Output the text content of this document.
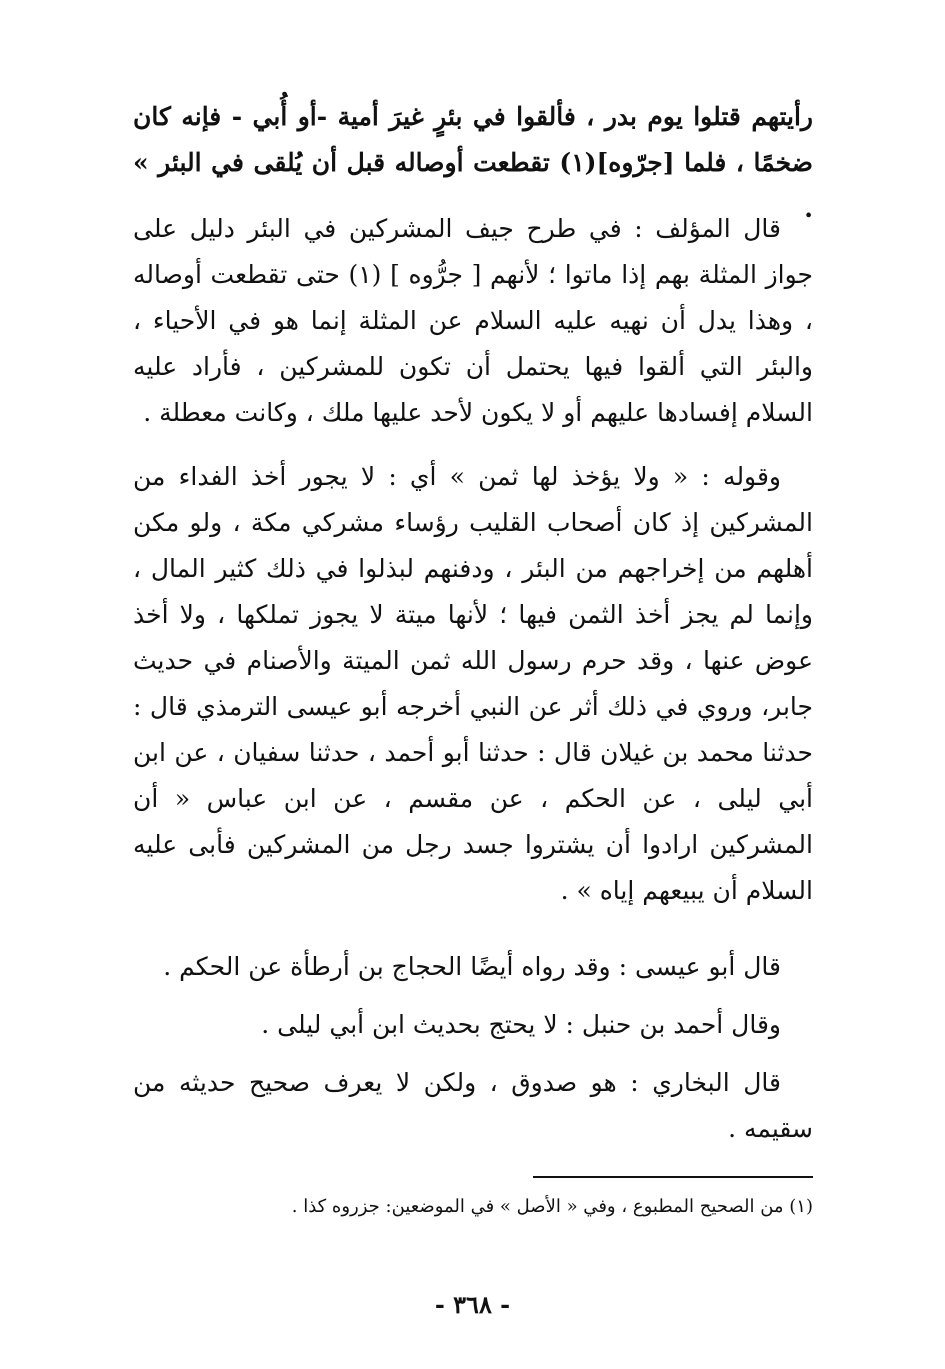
رأيتهم قتلوا يوم بدر ، فألقوا في بئرٍ غيرَ أمية -أو أُبي - فإنه كان ضخمًا ، فلما [جرّوه](١) تقطعت أوصاله قبل أن يُلقى في البئر » .

قال المؤلف : في طرح جيف المشركين في البئر دليل على جواز المثلة بهم إذا ماتوا ؛ لأنهم [ جرُّوه ] (١) حتى تقطعت أوصاله ، وهذا يدل أن نهيه عليه السلام عن المثلة إنما هو في الأحياء ، والبئر التي ألقوا فيها يحتمل أن تكون للمشركين ، فأراد عليه السلام إفسادها عليهم أو لا يكون لأحد عليها ملك ، وكانت معطلة .

وقوله : « ولا يؤخذ لها ثمن » أي : لا يجور أخذ الفداء من المشركين إذ كان أصحاب القليب رؤساء مشركي مكة ، ولو مكن أهلهم من إخراجهم من البئر ، ودفنهم لبذلوا في ذلك كثير المال ، وإنما لم يجز أخذ الثمن فيها ؛ لأنها ميتة لا يجوز تملكها ، ولا أخذ عوض عنها ، وقد حرم رسول الله ثمن الميتة والأصنام في حديث جابر، وروي في ذلك أثر عن النبي أخرجه أبو عيسى الترمذي قال : حدثنا محمد بن غيلان قال : حدثنا أبو أحمد ، حدثنا سفيان ، عن ابن أبي ليلى ، عن الحكم ، عن مقسم ، عن ابن عباس « أن المشركين ارادوا أن يشتروا جسد رجل من المشركين فأبى عليه السلام أن يبيعهم إياه » .

قال أبو عيسى : وقد رواه أيضًا الحجاج بن أرطأة عن الحكم .

وقال أحمد بن حنبل : لا يحتج بحديث ابن أبي ليلى .

قال البخاري : هو صدوق ، ولكن لا يعرف صحيح حديثه من سقيمه .

(١) من الصحيح المطبوع ، وفي « الأصل » في الموضعين: جزروه كذا .

- ٣٦٨ -
